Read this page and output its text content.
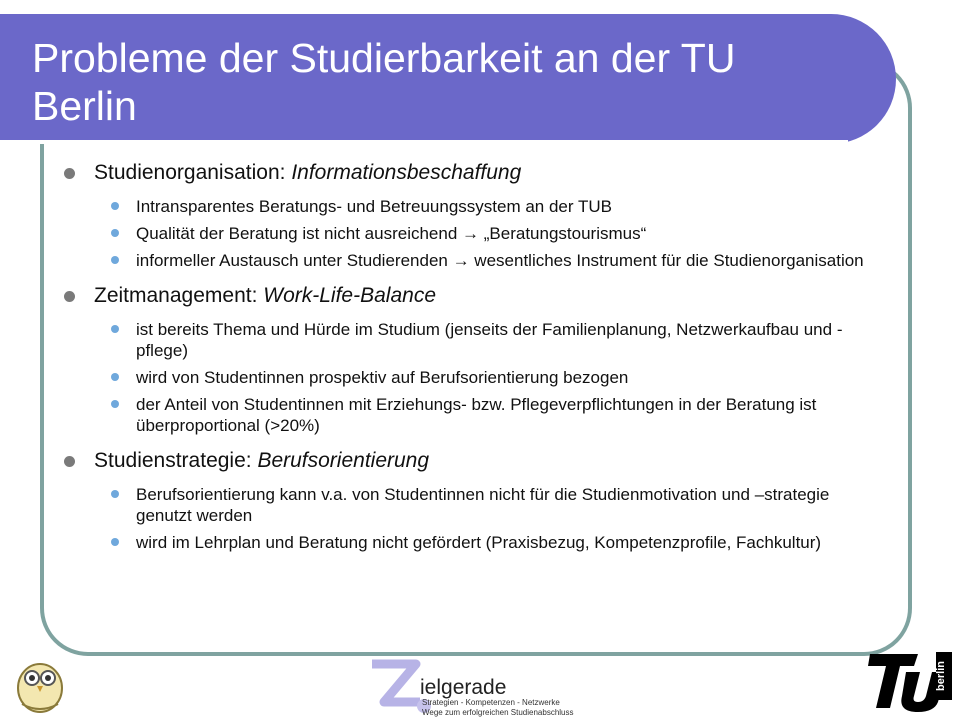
Probleme der Studierbarkeit an der TU Berlin
Studienorganisation: Informationsbeschaffung
Intransparentes Beratungs- und Betreuungssystem an der TUB
Qualität der Beratung ist nicht ausreichend → „Beratungstourismus“
informeller Austausch unter Studierenden → wesentliches Instrument für die Studienorganisation
Zeitmanagement: Work-Life-Balance
ist bereits Thema und Hürde im Studium (jenseits der Familienplanung, Netzwerkaufbau und -pflege)
wird von Studentinnen prospektiv auf Berufsorientierung bezogen
der Anteil von Studentinnen mit Erziehungs- bzw. Pflegeverpflichtungen in der Beratung ist überproportional (>20%)
Studienstrategie: Berufsorientierung
Berufsorientierung kann v.a. von Studentinnen nicht für die Studienmotivation und –strategie genutzt werden
wird im Lehrplan und Beratung nicht gefördert (Praxisbezug, Kompetenzprofile, Fachkultur)
ielgerade
Strategien - Kompetenzen - Netzwerke
Wege zum erfolgreichen Studienabschluss
berlin
